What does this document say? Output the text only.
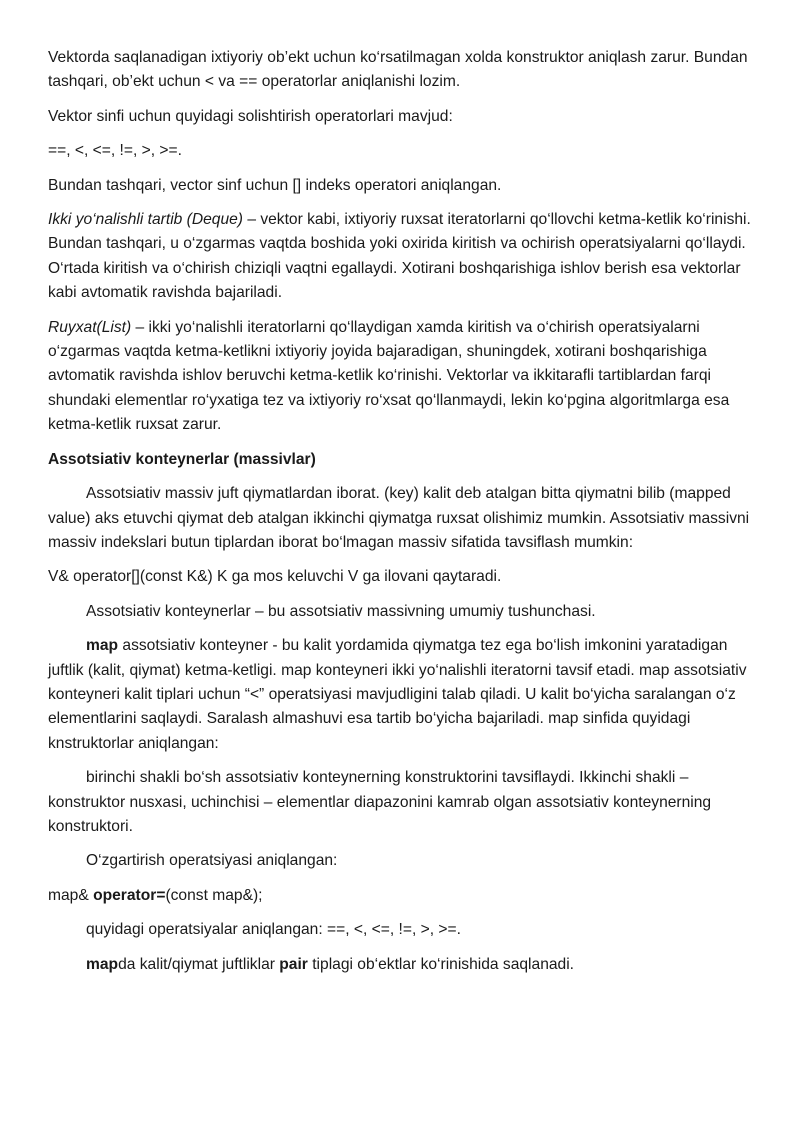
Vektorda saqlanadigan ixtiyoriy ob’ekt uchun ko‘rsatilmagan xolda konstruktor aniqlash zarur. Bundan tashqari, ob’ekt uchun < va == operatorlar aniqlanishi lozim.

Vektor sinfi uchun quyidagi solishtirish operatorlari mavjud:

==, <, <=, !=, >, >=.

Bundan tashqari, vector sinf uchun [] indeks operatori aniqlangan.

Ikki yo‘nalishli tartib (Deque) – vektor kabi, ixtiyoriy ruxsat iteratorlarni qo‘llovchi ketma-ketlik ko‘rinishi. Bundan tashqari, u o‘zgarmas vaqtda boshida yoki oxirida kiritish va ochirish operatsiyalarni qo‘llaydi. O‘rtada kiritish va o‘chirish chiziqli vaqtni egallaydi. Xotirani boshqarishiga ishlov berish esa vektorlar kabi avtomatik ravishda bajariladi.

Ruyxat(List) – ikki yo‘nalishli iteratorlarni qo‘llaydigan xamda kiritish va o‘chirish operatsiyalarni o‘zgarmas vaqtda ketma-ketlikni ixtiyoriy joyida bajaradigan, shuningdek, xotirani boshqarishiga avtomatik ravishda ishlov beruvchi ketma-ketlik ko‘rinishi. Vektorlar va ikkitarafli tartiblardan farqi shundaki elementlar ro‘yxatiga tez va ixtiyoriy ro‘xsat qo‘llanmaydi, lekin ko‘pgina algoritmlarga esa ketma-ketlik ruxsat zarur.

Assotsiativ konteynerlar (massivlar)

Assotsiativ massiv juft qiymatlardan iborat. (key) kalit deb atalgan bitta qiymatni bilib (mapped value) aks etuvchi qiymat deb atalgan ikkinchi qiymatga ruxsat olishimiz mumkin. Assotsiativ massivni massiv indekslari butun tiplardan iborat bo‘lmagan massiv sifatida tavsiflash mumkin:

V& operator[](const K&) K ga mos keluvchi V ga ilovani qaytaradi.

Assotsiativ konteynerlar – bu assotsiativ massivning umumiy tushunchasi.

map assotsiativ konteyner - bu kalit yordamida qiymatga tez ega bo‘lish imkonini yaratadigan juftlik (kalit, qiymat) ketma-ketligi. map konteyneri ikki yo‘nalishli iteratorni tavsif etadi. map assotsiativ konteyneri kalit tiplari uchun “<” operatsiyasi mavjudligini talab qiladi. U kalit bo‘yicha saralangan o‘z elementlarini saqlaydi. Saralash almashuvi esa tartib bo‘yicha bajariladi. map sinfida quyidagi knstruktorlar aniqlangan:

birinchi shakli bo‘sh assotsiativ konteynerning konstruktorini tavsiflaydi. Ikkinchi shakli – konstruktor nusxasi, uchinchisi – elementlar diapazonini kamrab olgan assotsiativ konteynerning konstruktori.

O‘zgartirish operatsiyasi aniqlangan:

map& operator=(const map&);

quyidagi operatsiyalar aniqlangan: ==, <, <=, !=, >, >=.

mapda kalit/qiymat juftliklar pair tiplagi ob‘ektlar ko‘rinishida saqlanadi.
